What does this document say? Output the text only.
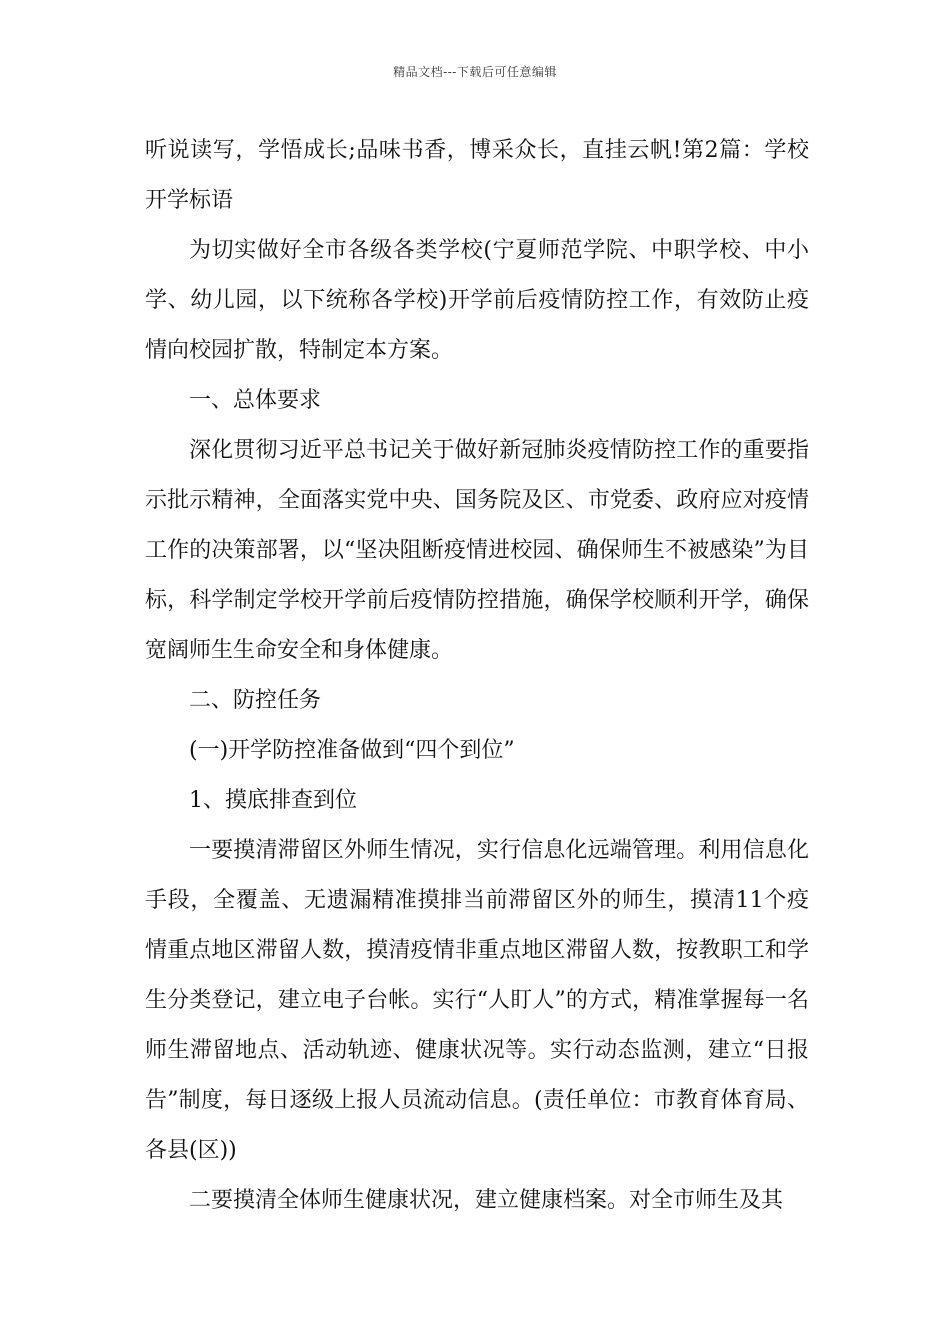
精品文档---下载后可任意编辑

听说读写，学悟成长;品味书香，博采众长，直挂云帆!第2篇：学校开学标语

为切实做好全市各级各类学校(宁夏师范学院、中职学校、中小学、幼儿园，以下统称各学校)开学前后疫情防控工作，有效防止疫情向校园扩散，特制定本方案。

一、总体要求

深化贯彻习近平总书记关于做好新冠肺炎疫情防控工作的重要指示批示精神，全面落实党中央、国务院及区、市党委、政府应对疫情工作的决策部署，以“坚决阻断疫情进校园、确保师生不被感染”为目标，科学制定学校开学前后疫情防控措施，确保学校顺利开学，确保宽阔师生生命安全和身体健康。

二、防控任务

(一)开学防控准备做到“四个到位”

1、摸底排查到位

一要摸清滞留区外师生情况，实行信息化远端管理。利用信息化手段，全覆盖、无遗漏精准摸排当前滞留区外的师生，摸清11个疫情重点地区滞留人数，摸清疫情非重点地区滞留人数，按教职工和学生分类登记，建立电子台帐。实行“人盯人”的方式，精准掌握每一名师生滞留地点、活动轨迹、健康状况等。实行动态监测，建立“日报告”制度，每日逐级上报人员流动信息。(责任单位：市教育体育局、各县(区))

二要摸清全体师生健康状况，建立健康档案。对全市师生及其
